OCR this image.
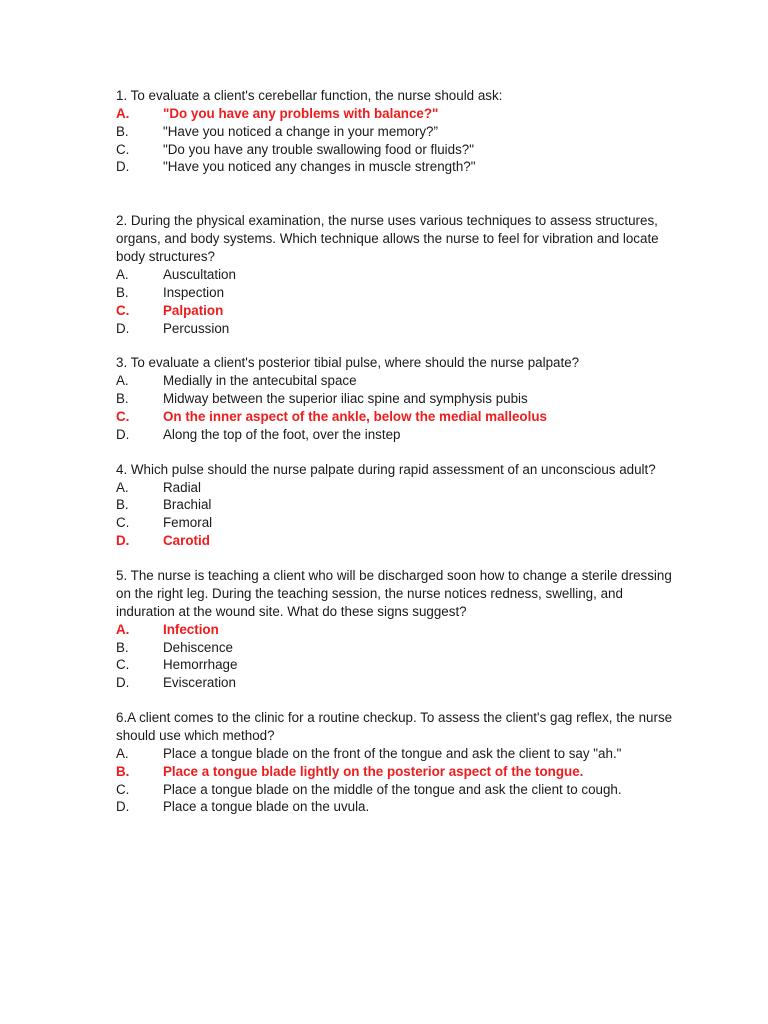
1. To evaluate a client's cerebellar function, the nurse should ask:

A.	"Do you have any problems with balance?"
B.	"Have you noticed a change in your memory?”
C.	"Do you have any trouble swallowing food or fluids?"
D.	"Have you noticed any changes in muscle strength?"

2. During the physical examination, the nurse uses various techniques to assess structures, organs, and body systems. Which technique allows the nurse to feel for vibration and locate body structures?

A.	Auscultation
B.	Inspection
C.	Palpation
D.	Percussion

3. To evaluate a client's posterior tibial pulse, where should the nurse palpate?

A.	Medially in the antecubital space
B.	Midway between the superior iliac spine and symphysis pubis
C.	On the inner aspect of the ankle, below the medial malleolus
D.	Along the top of the foot, over the instep

4. Which pulse should the nurse palpate during rapid assessment of an unconscious adult?

A.	Radial
B.	Brachial
C.	Femoral
D.	Carotid

5. The nurse is teaching a client who will be discharged soon how to change a sterile dressing on the right leg. During the teaching session, the nurse notices redness, swelling, and induration at the wound site. What do these signs suggest?

A.	Infection
B.	Dehiscence
C.	Hemorrhage
D.	Evisceration

6.A client comes to the clinic for a routine checkup. To assess the client's gag reflex, the nurse should use which method?

A.	Place a tongue blade on the front of the tongue and ask the client to say "ah."
B.	Place a tongue blade lightly on the posterior aspect of the tongue.
C.	Place a tongue blade on the middle of the tongue and ask the client to cough.
D.	Place a tongue blade on the uvula.
